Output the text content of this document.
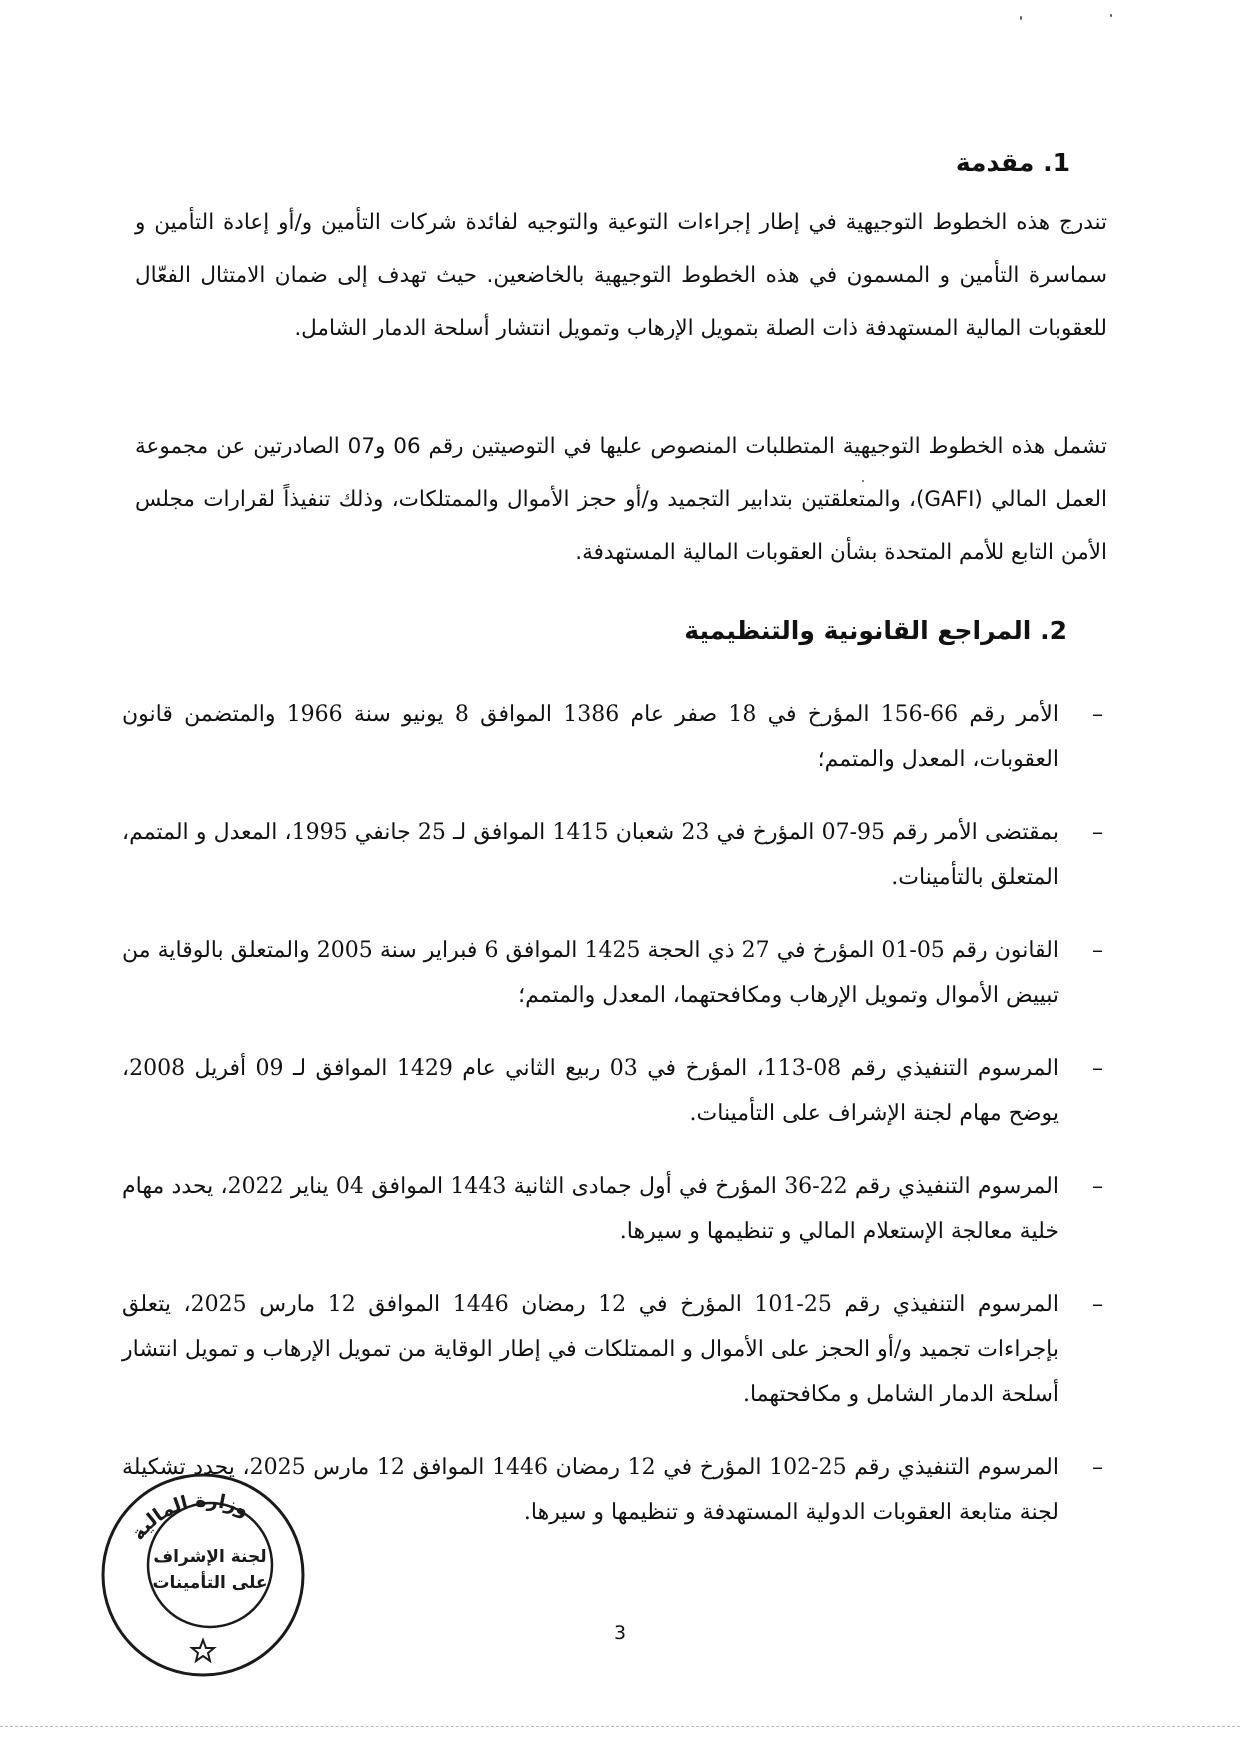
1. مقدمة
تندرج هذه الخطوط التوجيهية في إطار إجراءات التوعية والتوجيه لفائدة شركات التأمين و/أو إعادة التأمين و سماسرة التأمين و المسمون في هذه الخطوط التوجيهية بالخاضعين. حيث تهدف إلى ضمان الامتثال الفعّال للعقوبات المالية المستهدفة ذات الصلة بتمويل الإرهاب وتمويل انتشار أسلحة الدمار الشامل.
تشمل هذه الخطوط التوجيهية المتطلبات المنصوص عليها في التوصيتين رقم 06 و07 الصادرتين عن مجموعة العمل المالي (GAFI)، والمتعلقتين بتدابير التجميد و/أو حجز الأموال والممتلكات، وذلك تنفيذاً لقرارات مجلس الأمن التابع للأمم المتحدة بشأن العقوبات المالية المستهدفة.
2. المراجع القانونية والتنظيمية
–
الأمر رقم 66-156 المؤرخ في 18 صفر عام 1386 الموافق 8 يونيو سنة 1966 والمتضمن قانون العقوبات، المعدل والمتمم؛
–
بمقتضى الأمر رقم 95-07 المؤرخ في 23 شعبان 1415 الموافق لـ 25 جانفي 1995، المعدل و المتمم، المتعلق بالتأمينات.
–
القانون رقم 05-01 المؤرخ في 27 ذي الحجة 1425 الموافق 6 فبراير سنة 2005 والمتعلق بالوقاية من تبييض الأموال وتمويل الإرهاب ومكافحتهما، المعدل والمتمم؛
–
المرسوم التنفيذي رقم 08-113، المؤرخ في 03 ربيع الثاني عام 1429 الموافق لـ 09 أفريل 2008، يوضح مهام لجنة الإشراف على التأمينات.
–
المرسوم التنفيذي رقم 22-36 المؤرخ في أول جمادى الثانية 1443 الموافق 04 يناير 2022، يحدد مهام خلية معالجة الإستعلام المالي و تنظيمها و سيرها.
–
المرسوم التنفيذي رقم 25-101 المؤرخ في 12 رمضان 1446 الموافق 12 مارس 2025، يتعلق بإجراءات تجميد و/أو الحجز على الأموال و الممتلكات في إطار الوقاية من تمويل الإرهاب و تمويل انتشار أسلحة الدمار الشامل و مكافحتهما.
–
المرسوم التنفيذي رقم 25-102 المؤرخ في 12 رمضان 1446 الموافق 12 مارس 2025، يحدد تشكيلة لجنة متابعة العقوبات الدولية المستهدفة و تنظيمها و سيرها.
وزارة المالية
لجنة الإشراف
على التأمينات
3
